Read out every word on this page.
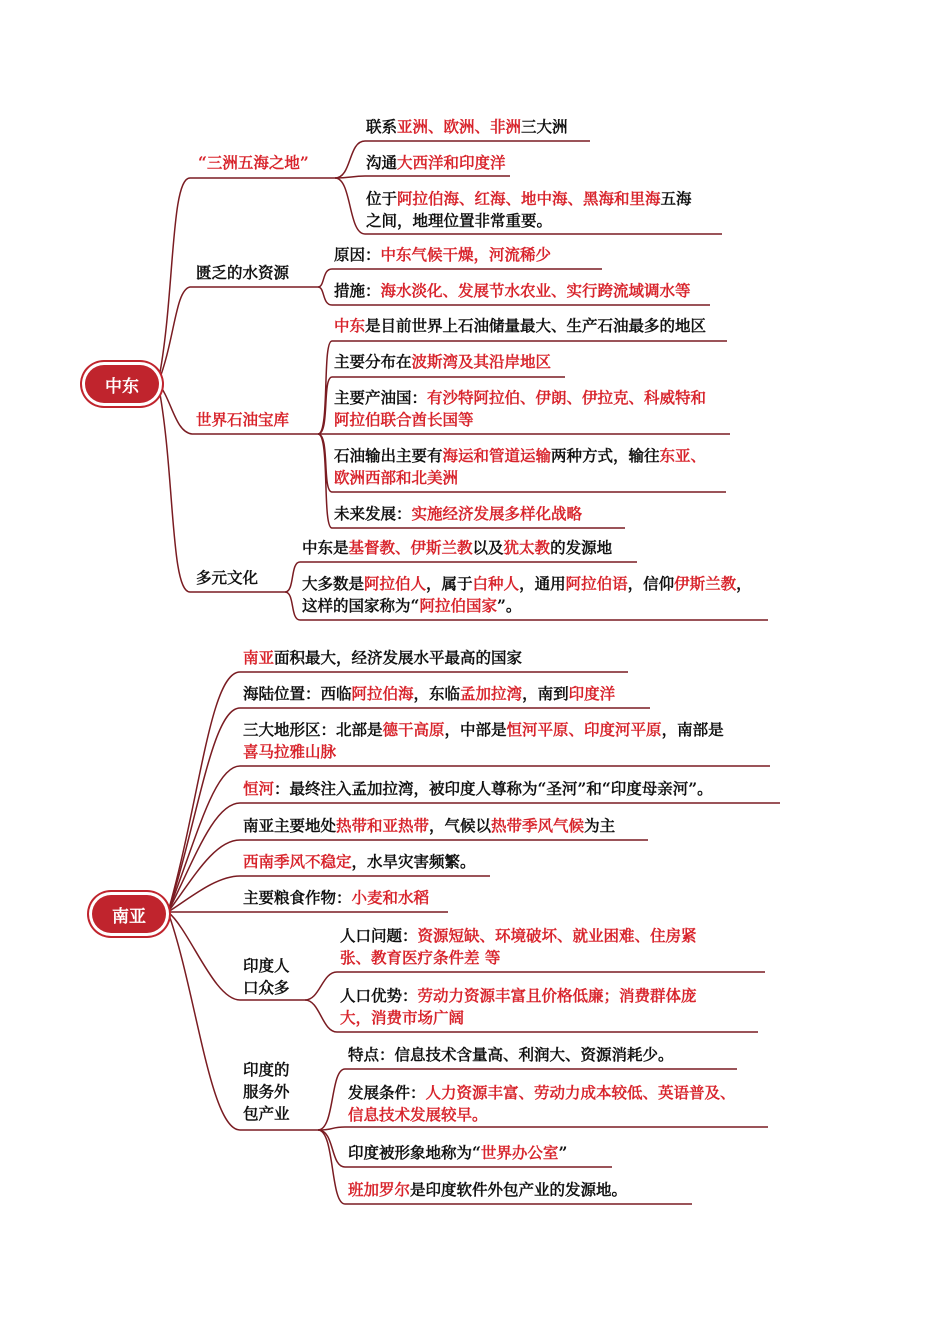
中东
“三洲五海之地”
联系亚洲、欧洲、非洲三大洲
沟通大西洋和印度洋
位于阿拉伯海、红海、地中海、黑海和里海五海
之间，地理位置非常重要。
匮乏的水资源
原因：中东气候干燥，河流稀少
措施：海水淡化、发展节水农业、实行跨流域调水等
世界石油宝库
中东是目前世界上石油储量最大、生产石油最多的地区
主要分布在波斯湾及其沿岸地区
主要产油国：有沙特阿拉伯、伊朗、伊拉克、科威特和
阿拉伯联合酋长国等
石油输出主要有海运和管道运输两种方式，输往东亚、
欧洲西部和北美洲
未来发展：实施经济发展多样化战略
多元文化
中东是基督教、伊斯兰教以及犹太教的发源地
大多数是阿拉伯人，属于白种人，通用阿拉伯语，信仰伊斯兰教，
这样的国家称为“阿拉伯国家”。
南亚
南亚面积最大，经济发展水平最高的国家
海陆位置：西临阿拉伯海，东临孟加拉湾，南到印度洋
三大地形区：北部是德干高原，中部是恒河平原、印度河平原，南部是
喜马拉雅山脉
恒河：最终注入孟加拉湾，被印度人尊称为“圣河”和“印度母亲河”。
南亚主要地处热带和亚热带，气候以热带季风气候为主
西南季风不稳定，水旱灾害频繁。
主要粮食作物：小麦和水稻
印度人
口众多
人口问题：资源短缺、环境破坏、就业困难、住房紧
张、教育医疗条件差 等
人口优势：劳动力资源丰富且价格低廉；消费群体庞
大，消费市场广阔
印度的
服务外
包产业
特点：信息技术含量高、利润大、资源消耗少。
发展条件：人力资源丰富、劳动力成本较低、英语普及、
信息技术发展较早。
印度被形象地称为“世界办公室”
班加罗尔是印度软件外包产业的发源地。
